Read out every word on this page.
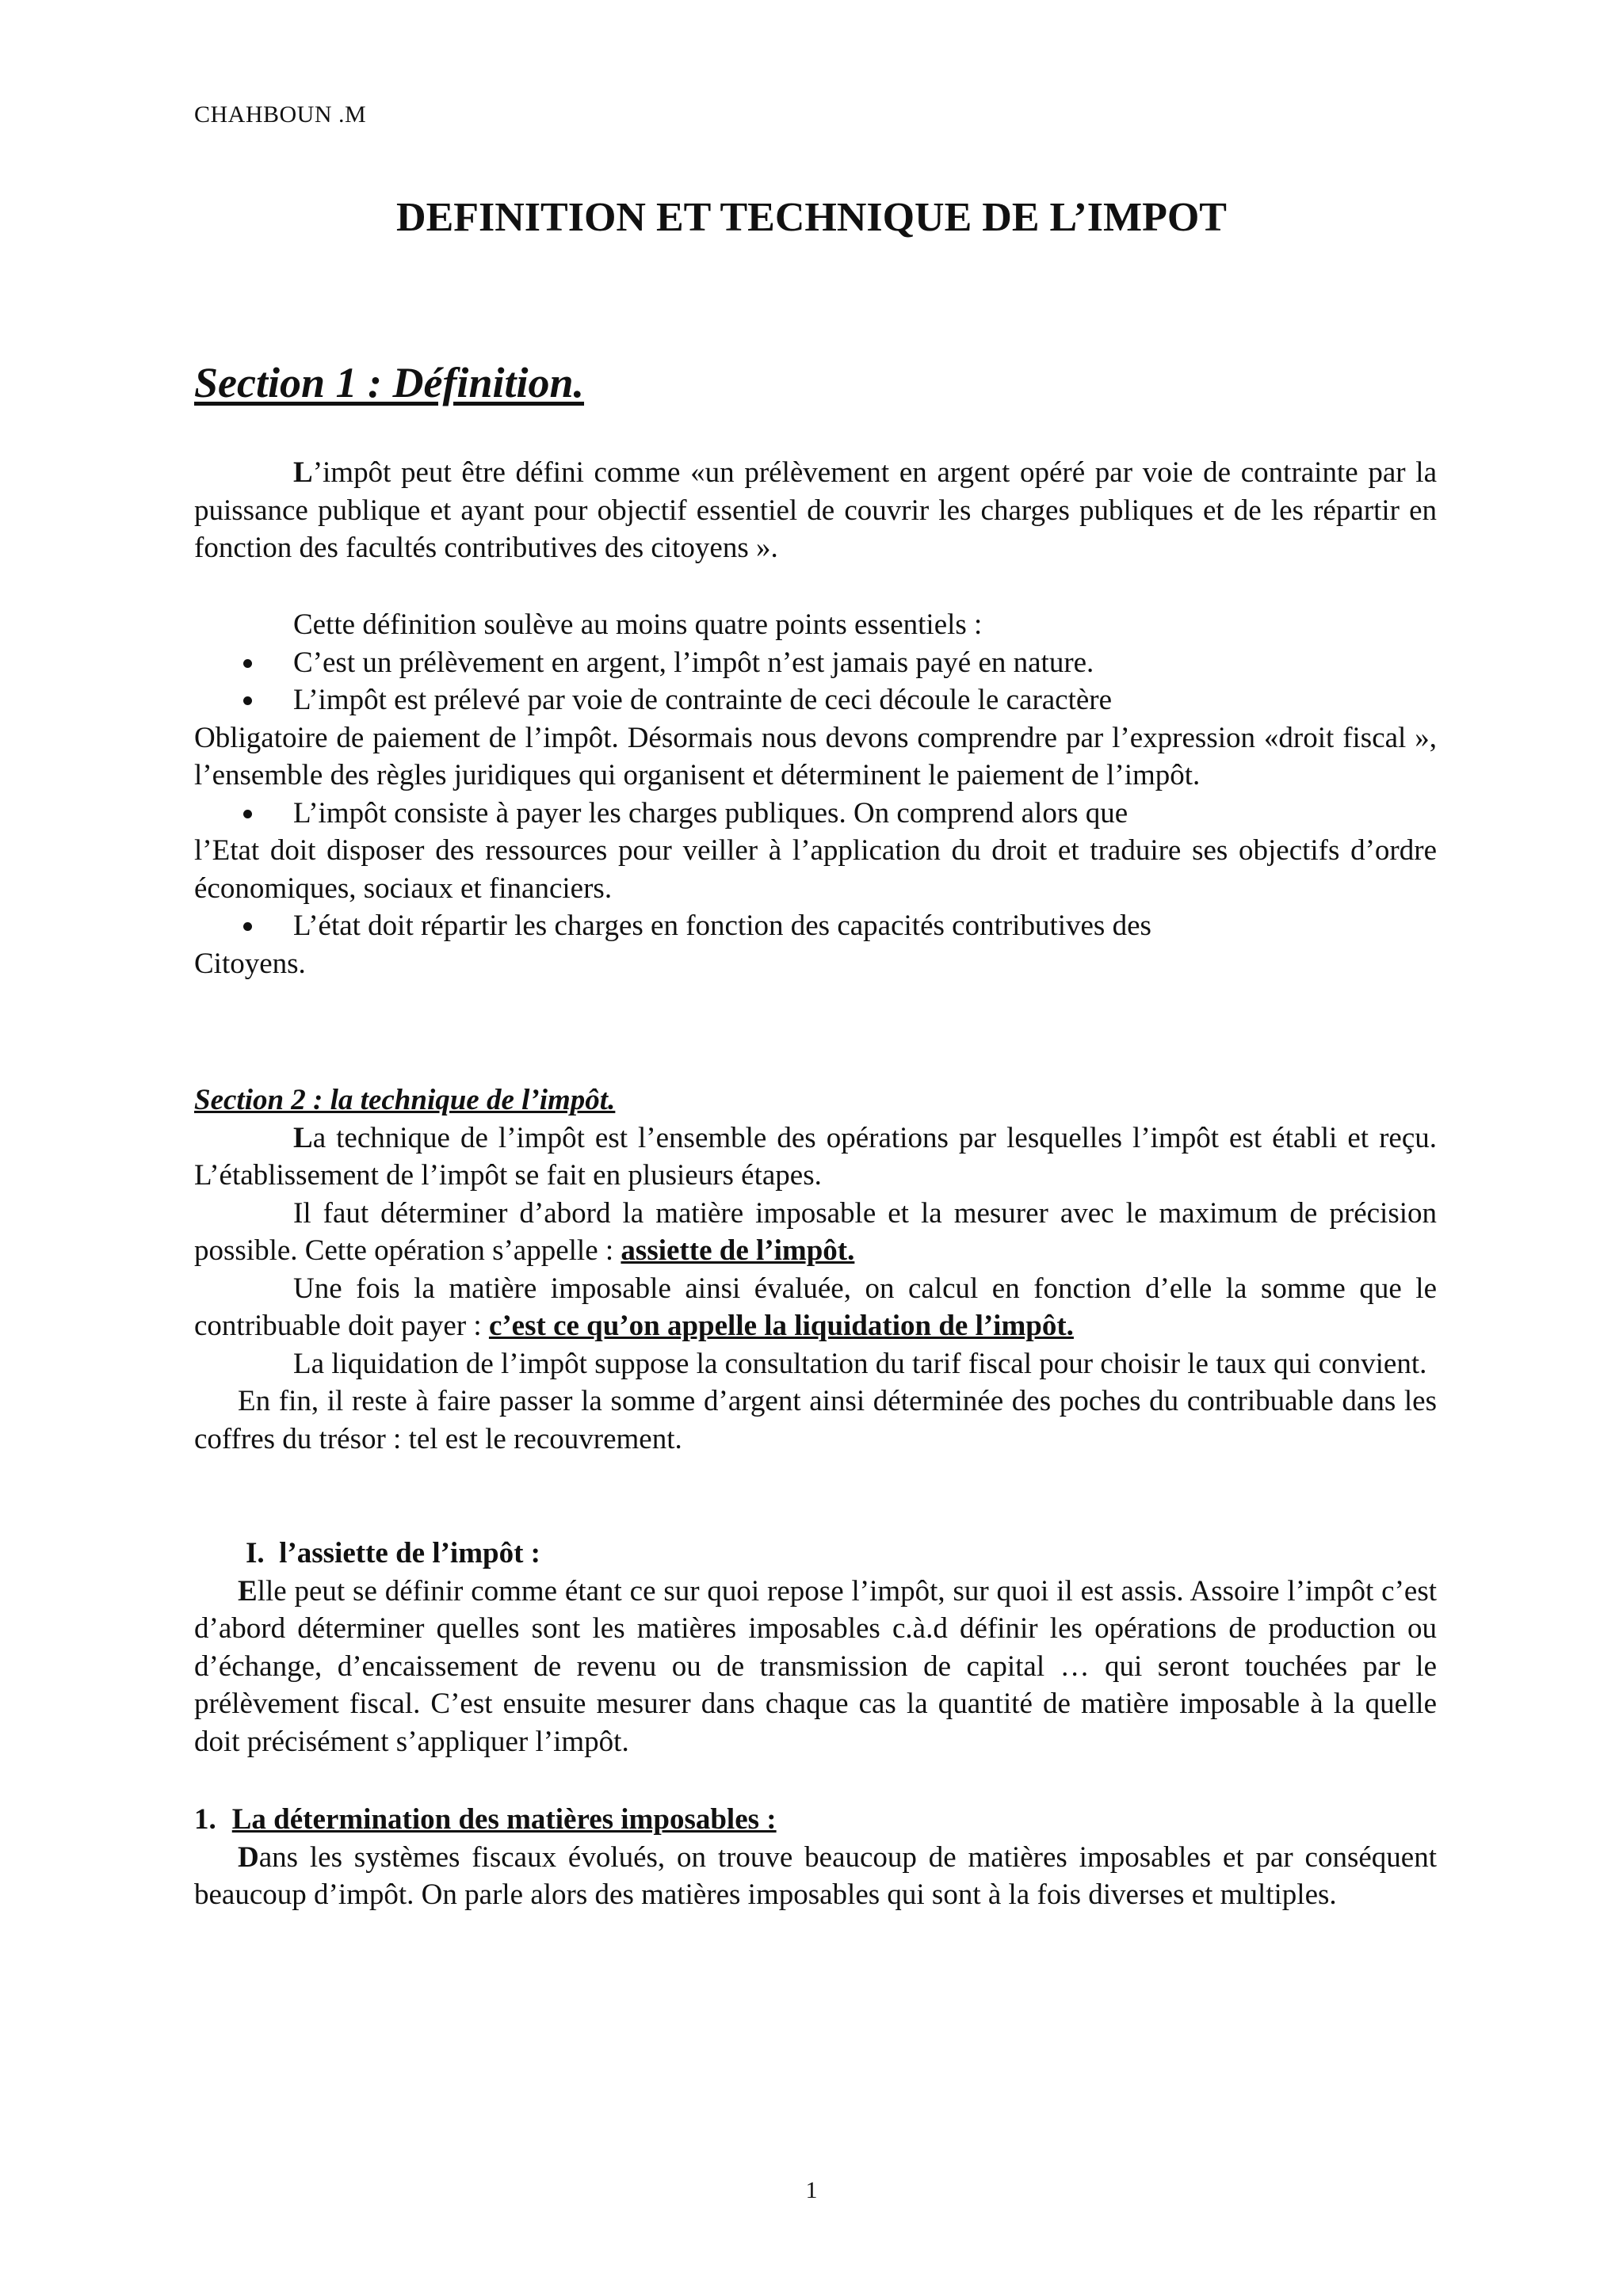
CHAHBOUN .M
DEFINITION ET TECHNIQUE DE L’IMPOT
Section 1 : Définition.

L’impôt peut être défini comme «un prélèvement en argent opéré par voie de contrainte par la puissance publique et ayant pour objectif essentiel de couvrir les charges publiques et de les répartir en fonction des facultés contributives des citoyens ».

Cette définition soulève au moins quatre points essentiels :

C’est un prélèvement en argent, l’impôt n’est jamais payé en nature.

L’impôt est prélevé par voie de contrainte de ceci découle le caractère

Obligatoire de paiement de l’impôt. Désormais nous devons comprendre par l’expression «droit fiscal », l’ensemble des règles juridiques qui organisent et déterminent le paiement de l’impôt.

L’impôt consiste à payer les charges publiques. On comprend alors que

l’Etat doit disposer des ressources pour veiller à l’application du droit et traduire ses objectifs d’ordre économiques, sociaux et financiers.

L’état doit répartir les charges en fonction des capacités contributives des

Citoyens.

Section 2 : la technique de l’impôt.

La technique de l’impôt est l’ensemble des opérations par lesquelles l’impôt est établi et reçu. L’établissement de l’impôt se fait en plusieurs étapes.

Il faut déterminer d’abord la matière imposable et la mesurer avec le maximum de précision possible. Cette opération s’appelle : assiette de l’impôt.

Une fois la matière imposable ainsi évaluée, on calcul en fonction d’elle la somme que le contribuable doit payer : c’est ce qu’on appelle la liquidation de l’impôt.

La liquidation de l’impôt suppose la consultation du tarif fiscal pour choisir le taux qui convient.

En fin, il reste à faire passer la somme d’argent ainsi déterminée des poches du contribuable dans les coffres du trésor : tel est le recouvrement.

I. l’assiette de l’impôt :

Elle peut se définir comme étant ce sur quoi repose l’impôt, sur quoi il est assis. Assoire l’impôt c’est d’abord déterminer quelles sont les matières imposables c.à.d définir les opérations de production ou d’échange, d’encaissement de revenu ou de transmission de capital … qui seront touchées par le prélèvement fiscal. C’est ensuite mesurer dans chaque cas la quantité de matière imposable à la quelle doit précisément s’appliquer l’impôt.

1. La détermination des matières imposables :

Dans les systèmes fiscaux évolués, on trouve beaucoup de matières imposables et par conséquent beaucoup d’impôt. On parle alors des matières imposables qui sont à la fois diverses et multiples.

1
